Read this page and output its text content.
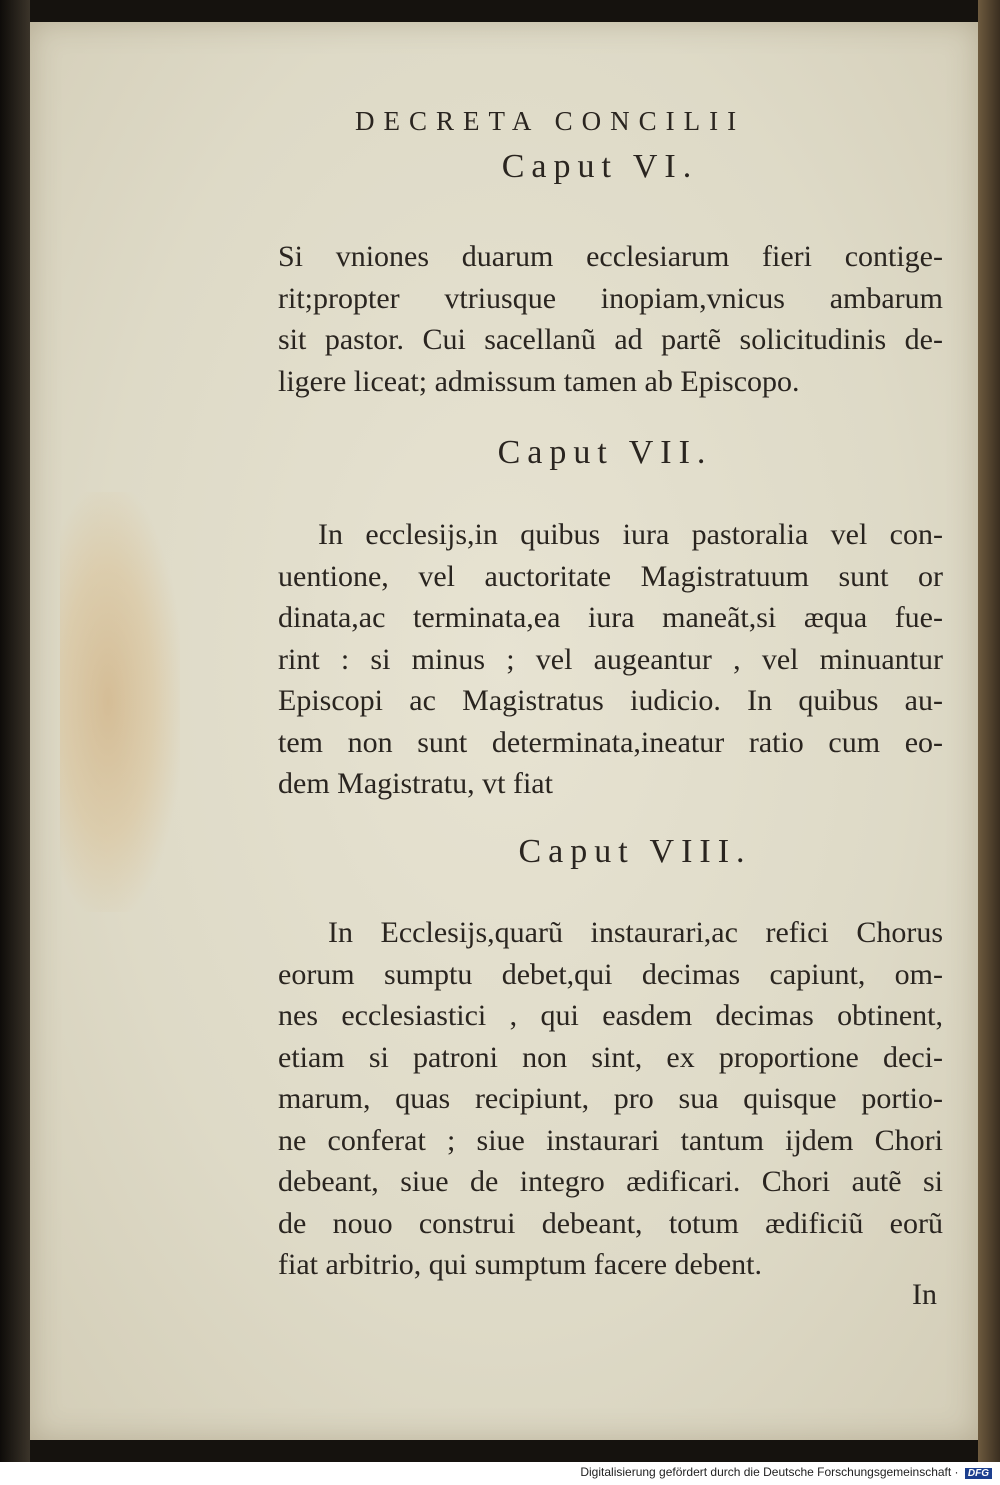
DECRETA CONCILII
Caput VI.
Si vniones duarum ecclesiarum fieri contige-
rit;propter vtriusque inopiam,vnicus ambarum
sit pastor. Cui sacellanũ ad partẽ solicitudinis de-
ligere liceat; admissum tamen ab Episcopo.
Caput VII.
In ecclesijs,in quibus iura pastoralia vel con-
uentione, vel auctoritate Magistratuum sunt or
dinata,ac terminata,ea iura maneãt,si æqua fue-
rint : si minus ; vel augeantur , vel minuantur
Episcopi ac Magistratus iudicio. In quibus au-
tem non sunt determinata,ineatur ratio cum eo-
dem Magistratu, vt fiat
Caput VIII.
In Ecclesijs,quarũ instaurari,ac refici Chorus
eorum sumptu debet,qui decimas capiunt, om-
nes ecclesiastici , qui easdem decimas obtinent,
etiam si patroni non sint, ex proportione deci-
marum, quas recipiunt, pro sua quisque portio-
ne conferat ; siue instaurari tantum ijdem Chori
debeant, siue de integro ædificari. Chori autẽ si
de nouo construi debeant, totum ædificiũ eorũ
fiat arbitrio, qui sumptum facere debent.
In
Digitalisierung gefördert durch die Deutsche Forschungsgemeinschaft · DFG
